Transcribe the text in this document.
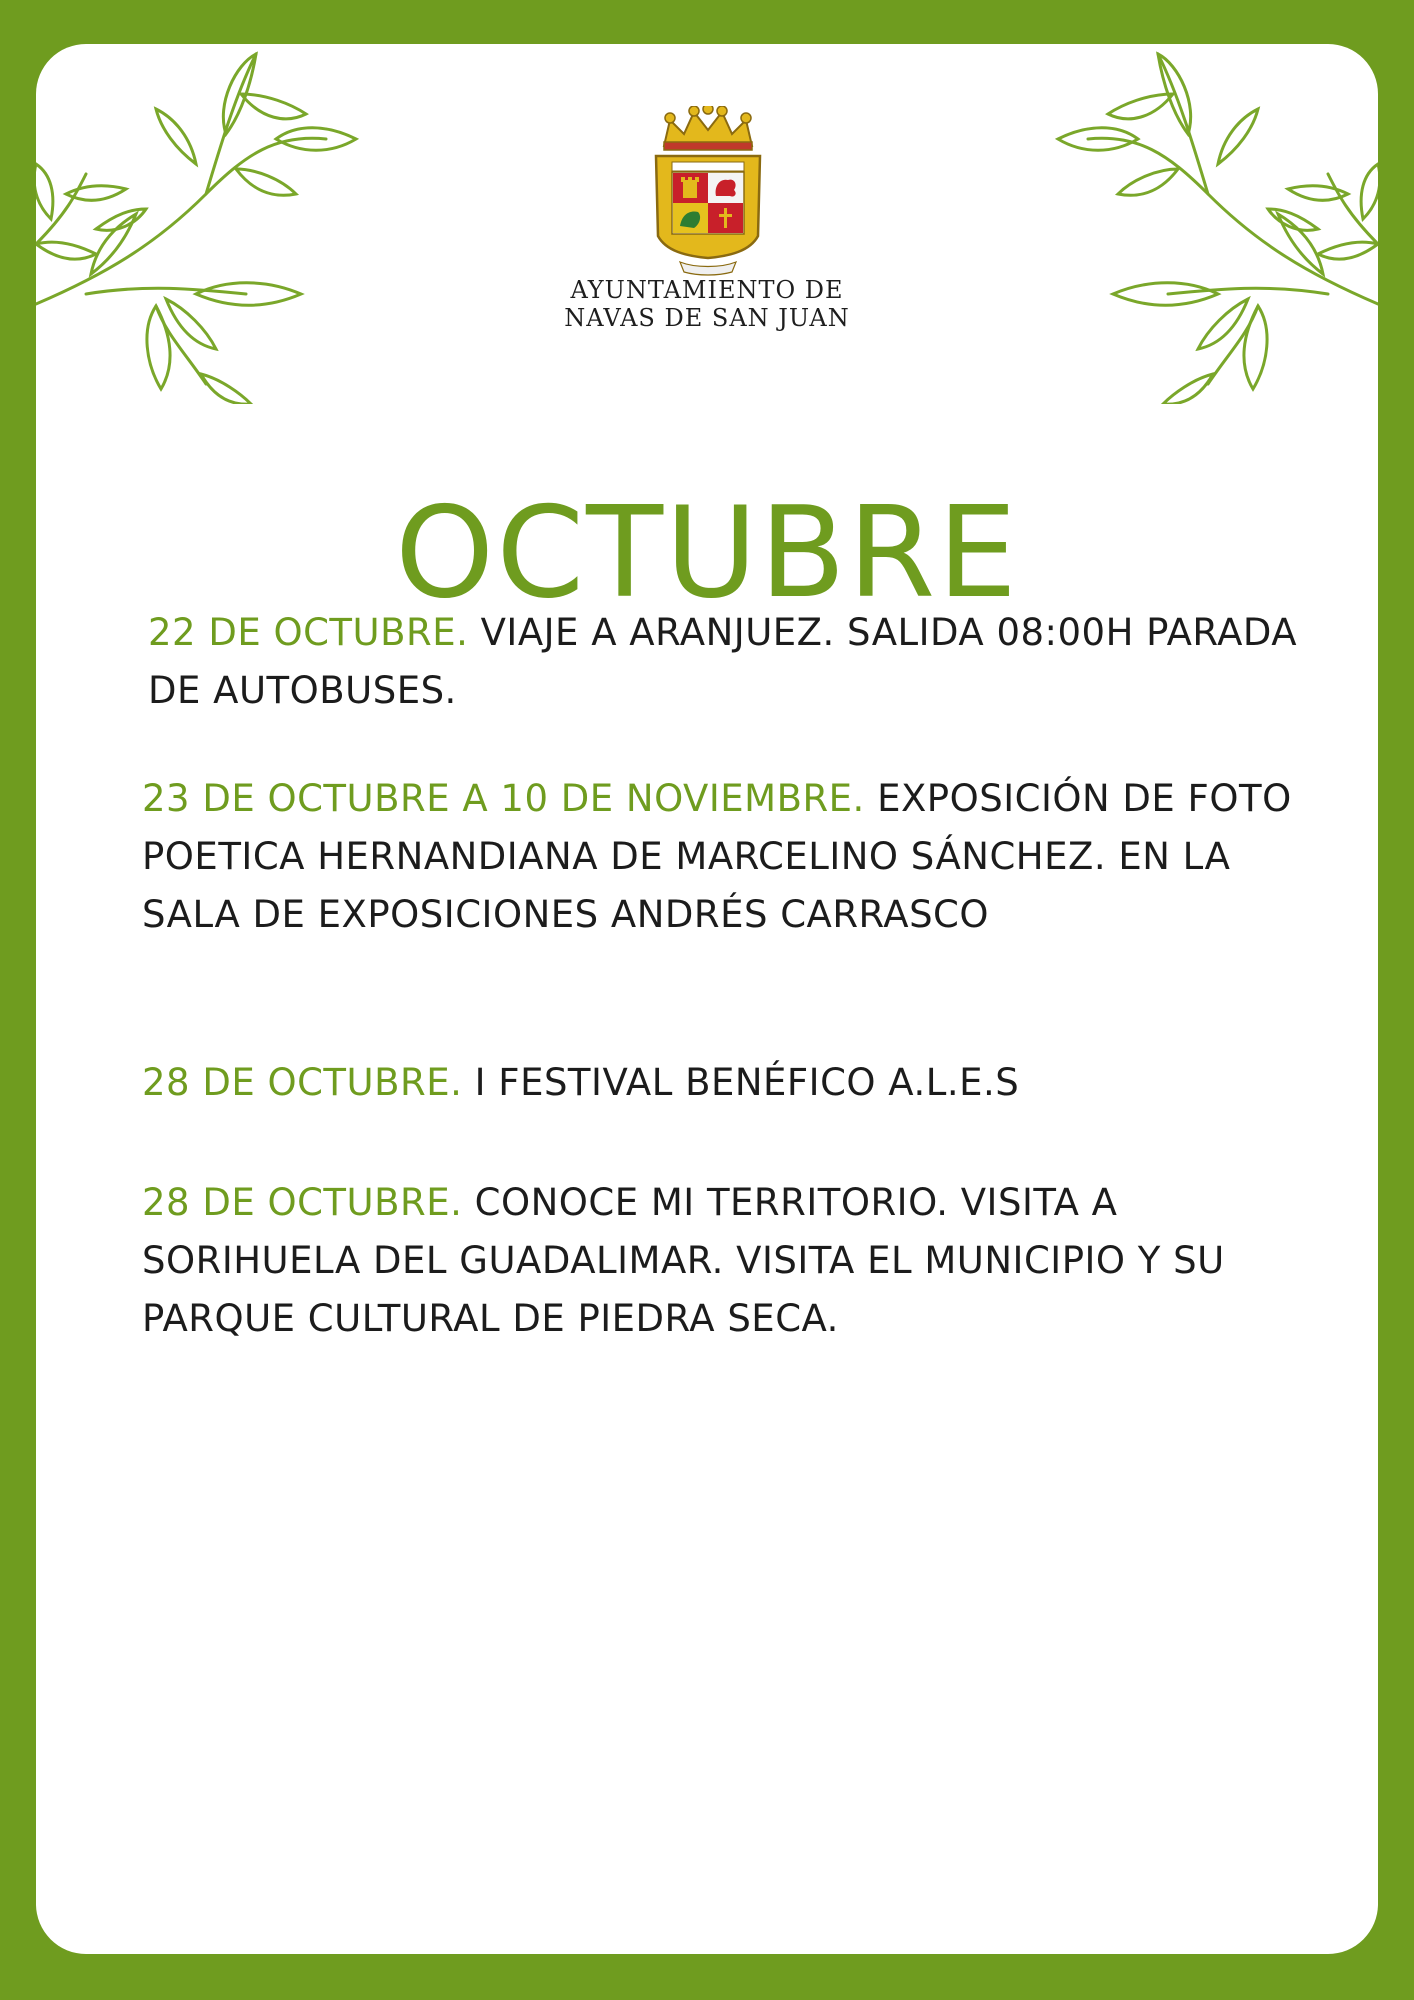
AYUNTAMIENTO DE
NAVAS DE SAN JUAN
OCTUBRE

22 DE OCTUBRE. VIAJE A ARANJUEZ. SALIDA 08:00H PARADA DE AUTOBUSES.

23 DE OCTUBRE A 10 DE NOVIEMBRE. EXPOSICIÓN DE FOTO POETICA HERNANDIANA DE MARCELINO SÁNCHEZ. EN LA SALA DE EXPOSICIONES ANDRÉS CARRASCO

28 DE OCTUBRE. I FESTIVAL BENÉFICO A.L.E.S

28 DE OCTUBRE. CONOCE MI TERRITORIO. VISITA A SORIHUELA DEL GUADALIMAR. VISITA EL MUNICIPIO Y SU PARQUE CULTURAL DE PIEDRA SECA.
